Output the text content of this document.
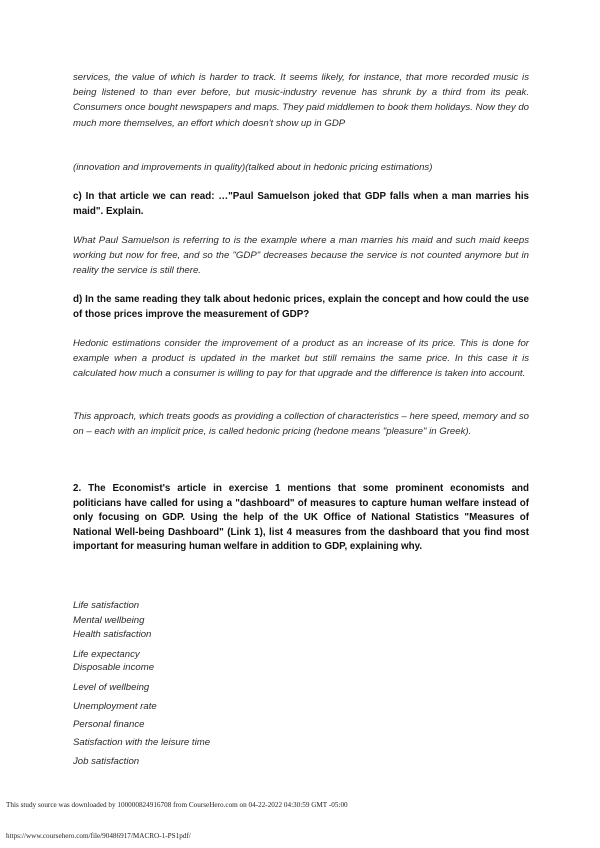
services, the value of which is harder to track. It seems likely, for instance, that more recorded music is being listened to than ever before, but music-industry revenue has shrunk by a third from its peak. Consumers once bought newspapers and maps. They paid middlemen to book them holidays. Now they do much more themselves, an effort which doesn't show up in GDP

(innovation and improvements in quality)(talked about in hedonic pricing estimations)

c) In that article we can read: …"Paul Samuelson joked that GDP falls when a man marries his maid". Explain.

What Paul Samuelson is referring to is the example where a man marries his maid and such maid keeps working but now for free, and so the "GDP" decreases because the service is not counted anymore but in reality the service is still there.

d) In the same reading they talk about hedonic prices, explain the concept and how could the use of those prices improve the measurement of GDP?

Hedonic estimations consider the improvement of a product as an increase of its price. This is done for example when a product is updated in the market but still remains the same price. In this case it is calculated how much a consumer is willing to pay for that upgrade and the difference is taken into account.

This approach, which treats goods as providing a collection of characteristics – here speed, memory and so on – each with an implicit price, is called hedonic pricing (hedone means "pleasure" in Greek).

2. The Economist's article in exercise 1 mentions that some prominent economists and politicians have called for using a "dashboard" of measures to capture human welfare instead of only focusing on GDP. Using the help of the UK Office of National Statistics "Measures of National Well-being Dashboard" (Link 1), list 4 measures from the dashboard that you find most important for measuring human welfare in addition to GDP, explaining why.

Life satisfaction
Mental wellbeing
Health satisfaction
Life expectancy
Disposable income
Level of wellbeing
Unemployment rate
Personal finance
Satisfaction with the leisure time
Job satisfaction
This study source was downloaded by 100000824916708 from CourseHero.com on 04-22-2022 04:30:59 GMT -05:00
https://www.coursehero.com/file/90486917/MACRO-1-PS1pdf/
